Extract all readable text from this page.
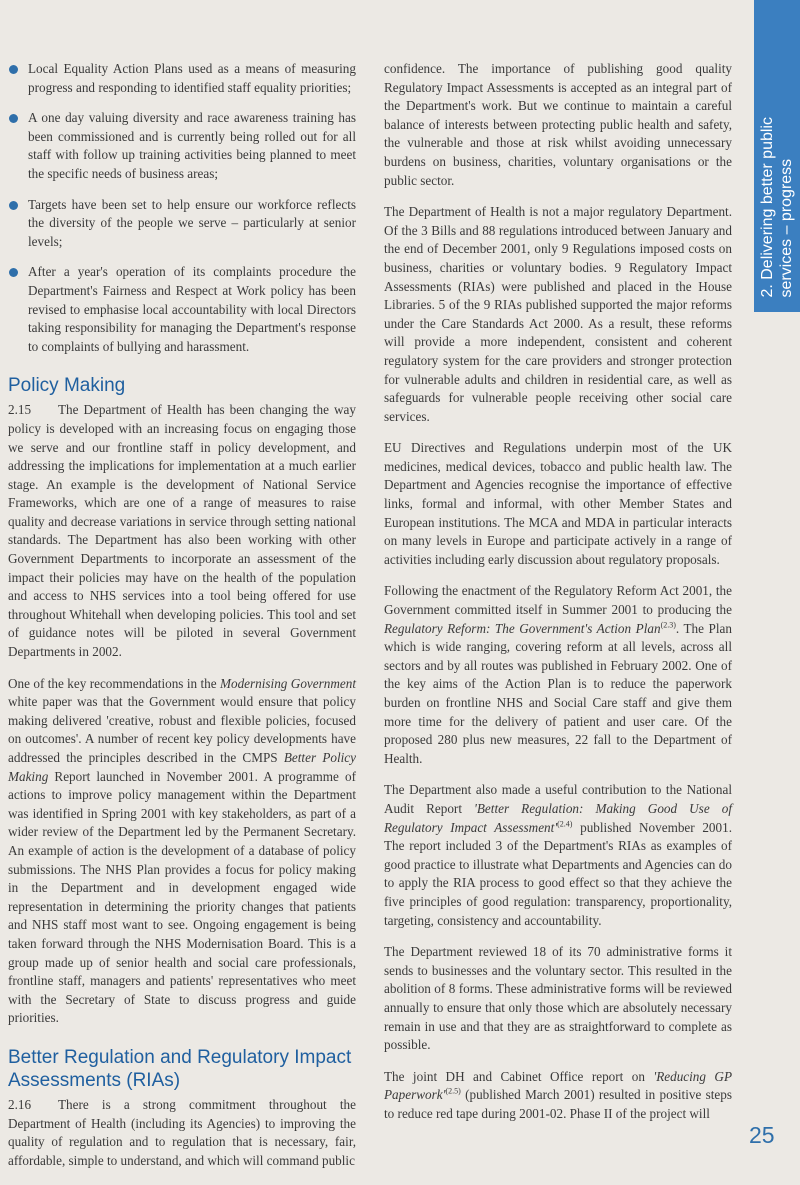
Local Equality Action Plans used as a means of measuring progress and responding to identified staff equality priorities;
A one day valuing diversity and race awareness training has been commissioned and is currently being rolled out for all staff with follow up training activities being planned to meet the specific needs of business areas;
Targets have been set to help ensure our workforce reflects the diversity of the people we serve – particularly at senior levels;
After a year's operation of its complaints procedure the Department's Fairness and Respect at Work policy has been revised to emphasise local accountability with local Directors taking responsibility for managing the Department's response to complaints of bullying and harassment.
Policy Making

2.15 The Department of Health has been changing the way policy is developed with an increasing focus on engaging those we serve and our frontline staff in policy development, and addressing the implications for implementation at a much earlier stage. An example is the development of National Service Frameworks, which are one of a range of measures to raise quality and decrease variations in service through setting national standards. The Department has also been working with other Government Departments to incorporate an assessment of the impact their policies may have on the health of the population and access to NHS services into a tool being offered for use throughout Whitehall when developing policies. This tool and set of guidance notes will be piloted in several Government Departments in 2002.

One of the key recommendations in the Modernising Government white paper was that the Government would ensure that policy making delivered 'creative, robust and flexible policies, focused on outcomes'. A number of recent key policy developments have addressed the principles described in the CMPS Better Policy Making Report launched in November 2001. A programme of actions to improve policy management within the Department was identified in Spring 2001 with key stakeholders, as part of a wider review of the Department led by the Permanent Secretary. An example of action is the development of a database of policy submissions. The NHS Plan provides a focus for policy making in the Department and in development engaged wide representation in determining the priority changes that patients and NHS staff most want to see. Ongoing engagement is being taken forward through the NHS Modernisation Board. This is a group made up of senior health and social care professionals, frontline staff, managers and patients' representatives who meet with the Secretary of State to discuss progress and guide priorities.

Better Regulation and Regulatory Impact Assessments (RIAs)

2.16 There is a strong commitment throughout the Department of Health (including its Agencies) to improving the quality of regulation and to regulation that is necessary, fair, affordable, simple to understand, and which will command public

confidence. The importance of publishing good quality Regulatory Impact Assessments is accepted as an integral part of the Department's work. But we continue to maintain a careful balance of interests between protecting public health and safety, the vulnerable and those at risk whilst avoiding unnecessary burdens on business, charities, voluntary organisations or the public sector.

The Department of Health is not a major regulatory Department. Of the 3 Bills and 88 regulations introduced between January and the end of December 2001, only 9 Regulations imposed costs on business, charities or voluntary bodies. 9 Regulatory Impact Assessments (RIAs) were published and placed in the House Libraries. 5 of the 9 RIAs published supported the major reforms under the Care Standards Act 2000. As a result, these reforms will provide a more independent, consistent and coherent regulatory system for the care providers and stronger protection for vulnerable adults and children in residential care, as well as safeguards for vulnerable people receiving other social care services.

EU Directives and Regulations underpin most of the UK medicines, medical devices, tobacco and public health law. The Department and Agencies recognise the importance of effective links, formal and informal, with other Member States and European institutions. The MCA and MDA in particular interacts on many levels in Europe and participate actively in a range of activities including early discussion about regulatory proposals.

Following the enactment of the Regulatory Reform Act 2001, the Government committed itself in Summer 2001 to producing the Regulatory Reform: The Government's Action Plan$^{(2.3)}$. The Plan which is wide ranging, covering reform at all levels, across all sectors and by all routes was published in February 2002. One of the key aims of the Action Plan is to reduce the paperwork burden on frontline NHS and Social Care staff and give them more time for the delivery of patient and user care. Of the proposed 280 plus new measures, 22 fall to the Department of Health.

The Department also made a useful contribution to the National Audit Report 'Better Regulation: Making Good Use of Regulatory Impact $Assessment'^{(2.4)}$ published November 2001. The report included 3 of the Department's RIAs as examples of good practice to illustrate what Departments and Agencies can do to apply the RIA process to good effect so that they achieve the five principles of good regulation: transparency, proportionality, targeting, consistency and accountability.

The Department reviewed 18 of its 70 administrative forms it sends to businesses and the voluntary sector. This resulted in the abolition of 8 forms. These administrative forms will be reviewed annually to ensure that only those which are absolutely necessary remain in use and that they are as straightforward to complete as possible.

The joint DH and Cabinet Office report on 'Reducing GP $Paperwork'^{(2.5)}$ (published March 2001) resulted in positive steps to reduce red tape during 2001-02. Phase II of the project will

2. Delivering better public
services – progress
25
